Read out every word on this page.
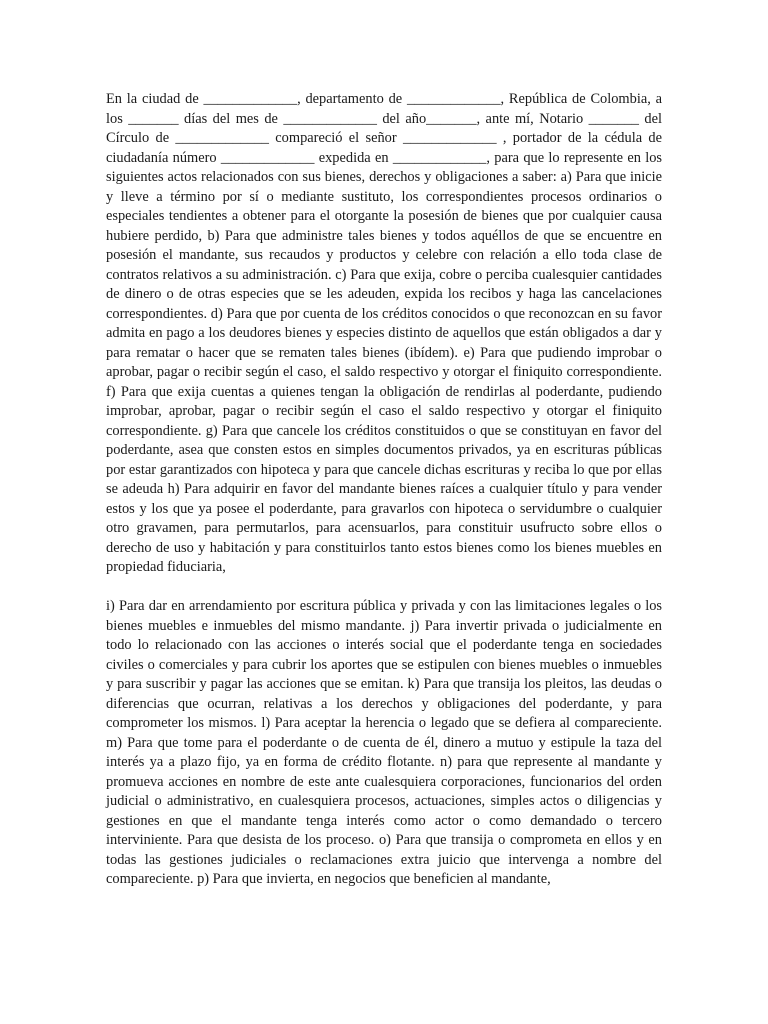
En la ciudad de _____________, departamento de _____________, República de Colombia, a los _______ días del mes de _____________ del año_______, ante mí, Notario _______ del Círculo de _____________ compareció el señor _____________ , portador de la cédula de ciudadanía número _____________ expedida en _____________, para que lo represente en los siguientes actos relacionados con sus bienes, derechos y obligaciones a saber: a) Para que inicie y lleve a término por sí o mediante sustituto, los correspondientes procesos ordinarios o especiales tendientes a obtener para el otorgante la posesión de bienes que por cualquier causa hubiere perdido, b) Para que administre tales bienes y todos aquéllos de que se encuentre en posesión el mandante, sus recaudos y productos y celebre con relación a ello toda clase de contratos relativos a su administración. c) Para que exija, cobre o perciba cualesquier cantidades de dinero o de otras especies que se les adeuden, expida los recibos y haga las cancelaciones correspondientes. d) Para que por cuenta de los créditos conocidos o que reconozcan en su favor admita en pago a los deudores bienes y especies distinto de aquellos que están obligados a dar y para rematar o hacer que se rematen tales bienes (ibídem). e) Para que pudiendo improbar o aprobar, pagar o recibir según el caso, el saldo respectivo y otorgar el finiquito correspondiente. f) Para que exija cuentas a quienes tengan la obligación de rendirlas al poderdante, pudiendo improbar, aprobar, pagar o recibir según el caso el saldo respectivo y otorgar el finiquito correspondiente. g) Para que cancele los créditos constituidos o que se constituyan en favor del poderdante, asea que consten estos en simples documentos privados, ya en escrituras públicas por estar garantizados con hipoteca y para que cancele dichas escrituras y reciba lo que por ellas se adeuda h) Para adquirir en favor del mandante bienes raíces a cualquier título y para vender estos y los que ya posee el poderdante, para gravarlos con hipoteca o servidumbre o cualquier otro gravamen, para permutarlos, para acensuarlos, para constituir usufructo sobre ellos o derecho de uso y habitación y para constituirlos tanto estos bienes como los bienes muebles en propiedad fiduciaria,

i) Para dar en arrendamiento por escritura pública y privada y con las limitaciones legales o los bienes muebles e inmuebles del mismo mandante. j) Para invertir privada o judicialmente en todo lo relacionado con las acciones o interés social que el poderdante tenga en sociedades civiles o comerciales y para cubrir los aportes que se estipulen con bienes muebles o inmuebles y para suscribir y pagar las acciones que se emitan. k) Para que transija los pleitos, las deudas o diferencias que ocurran, relativas a los derechos y obligaciones del poderdante, y para comprometer los mismos. l) Para aceptar la herencia o legado que se defiera al compareciente. m) Para que tome para el poderdante o de cuenta de él, dinero a mutuo y estipule la taza del interés ya a plazo fijo, ya en forma de crédito flotante. n) para que represente al mandante y promueva acciones en nombre de este ante cualesquiera corporaciones, funcionarios del orden judicial o administrativo, en cualesquiera procesos, actuaciones, simples actos o diligencias y gestiones en que el mandante tenga interés como actor o como demandado o tercero interviniente. Para que desista de los proceso. o) Para que transija o comprometa en ellos y en todas las gestiones judiciales o reclamaciones extra juicio que intervenga a nombre del compareciente. p) Para que invierta, en negocios que beneficien al mandante,
